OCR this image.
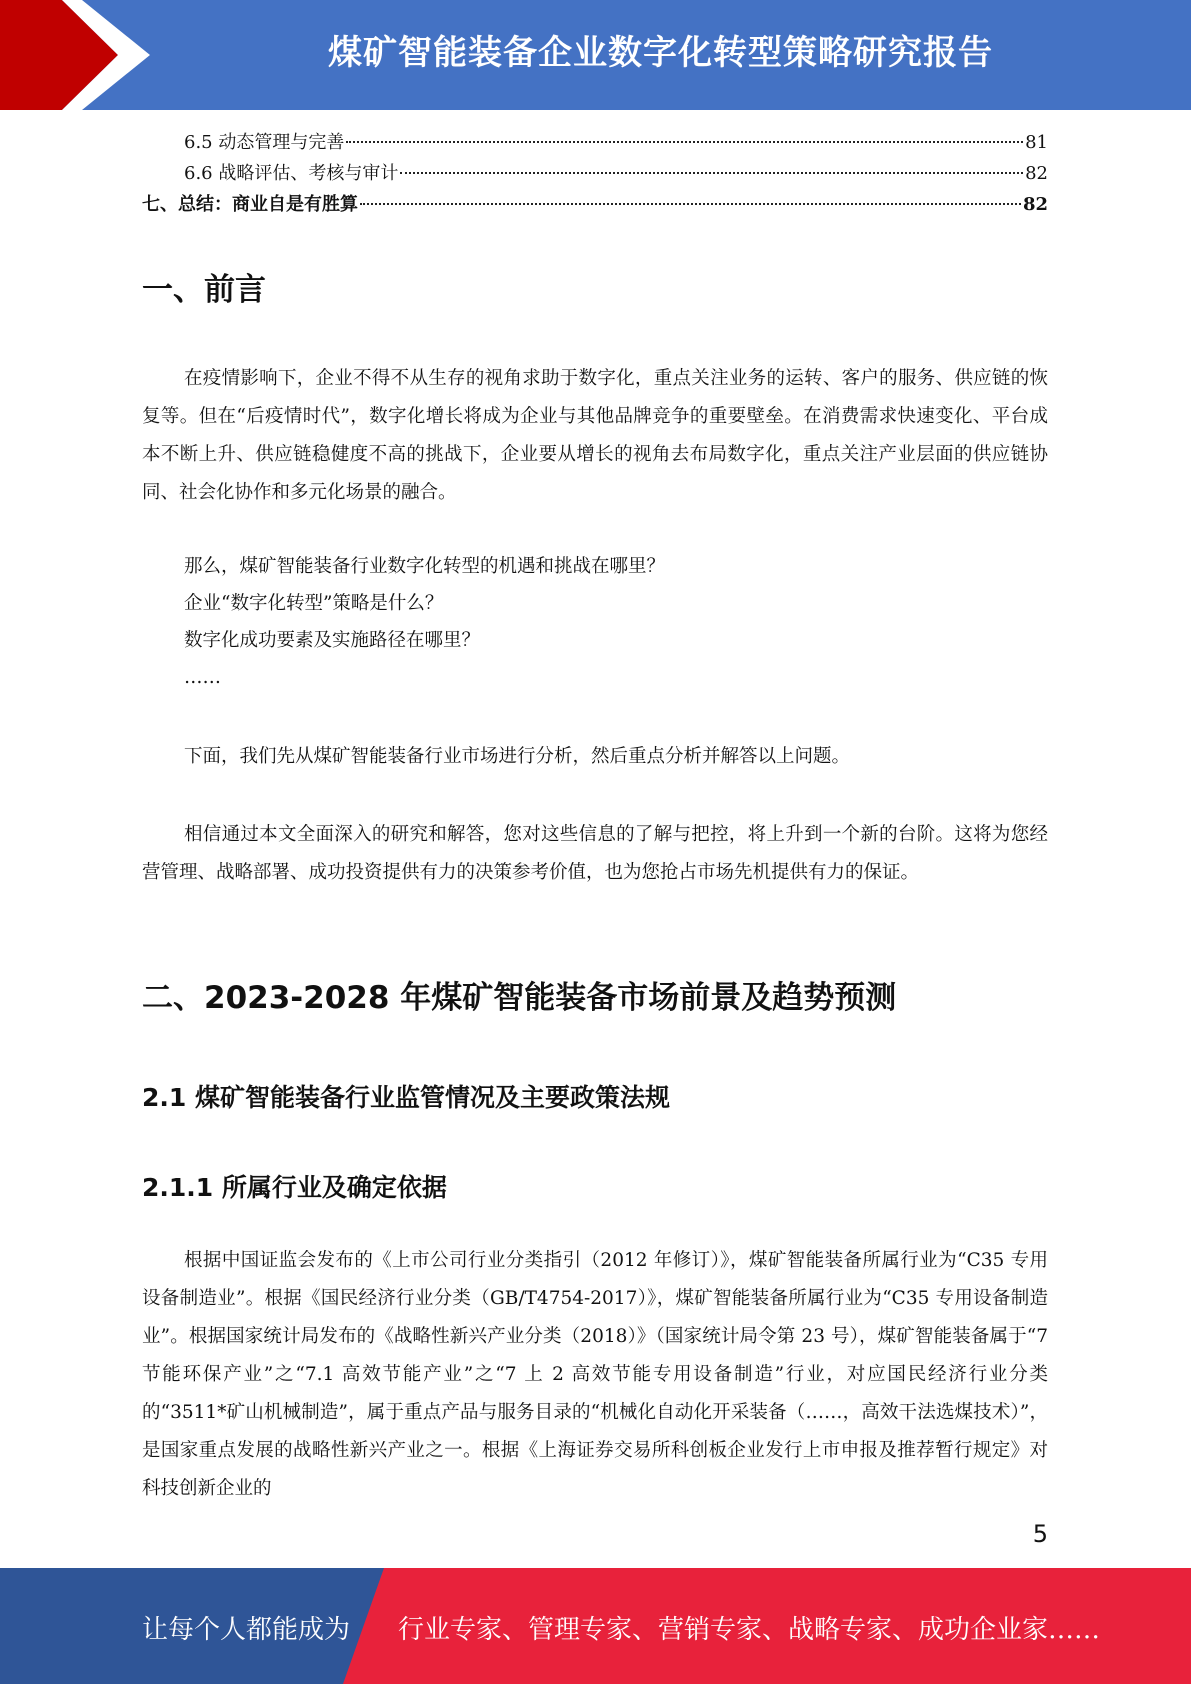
煤矿智能装备企业数字化转型策略研究报告
6.5 动态管理与完善	81
6.6 战略评估、考核与审计	82
七、总结：商业自是有胜算	82
一、前言

在疫情影响下，企业不得不从生存的视角求助于数字化，重点关注业务的运转、客户的服务、供应链的恢复等。但在“后疫情时代”，数字化增长将成为企业与其他品牌竞争的重要壁垒。在消费需求快速变化、平台成本不断上升、供应链稳健度不高的挑战下，企业要从增长的视角去布局数字化，重点关注产业层面的供应链协同、社会化协作和多元化场景的融合。

那么，煤矿智能装备行业数字化转型的机遇和挑战在哪里？

企业“数字化转型”策略是什么？

数字化成功要素及实施路径在哪里？

……

下面，我们先从煤矿智能装备行业市场进行分析，然后重点分析并解答以上问题。

相信通过本文全面深入的研究和解答，您对这些信息的了解与把控，将上升到一个新的台阶。这将为您经营管理、战略部署、成功投资提供有力的决策参考价值，也为您抢占市场先机提供有力的保证。

二、2023-2028 年煤矿智能装备市场前景及趋势预测
2.1 煤矿智能装备行业监管情况及主要政策法规
2.1.1 所属行业及确定依据

根据中国证监会发布的《上市公司行业分类指引（2012 年修订）》，煤矿智能装备所属行业为“C35 专用设备制造业”。根据《国民经济行业分类（GB/T4754-2017）》，煤矿智能装备所属行业为“C35 专用设备制造业”。根据国家统计局发布的《战略性新兴产业分类（2018）》（国家统计局令第 23 号），煤矿智能装备属于“7 节能环保产业”之“7.1 高效节能产业”之“7 上 2 高效节能专用设备制造”行业，对应国民经济行业分类的“3511*矿山机械制造”，属于重点产品与服务目录的“机械化自动化开采装备（……，高效干法选煤技术）”，是国家重点发展的战略性新兴产业之一。根据《上海证券交易所科创板企业发行上市申报及推荐暂行规定》对科技创新企业的

5
让每个人都能成为 行业专家、管理专家、营销专家、战略专家、成功企业家……
